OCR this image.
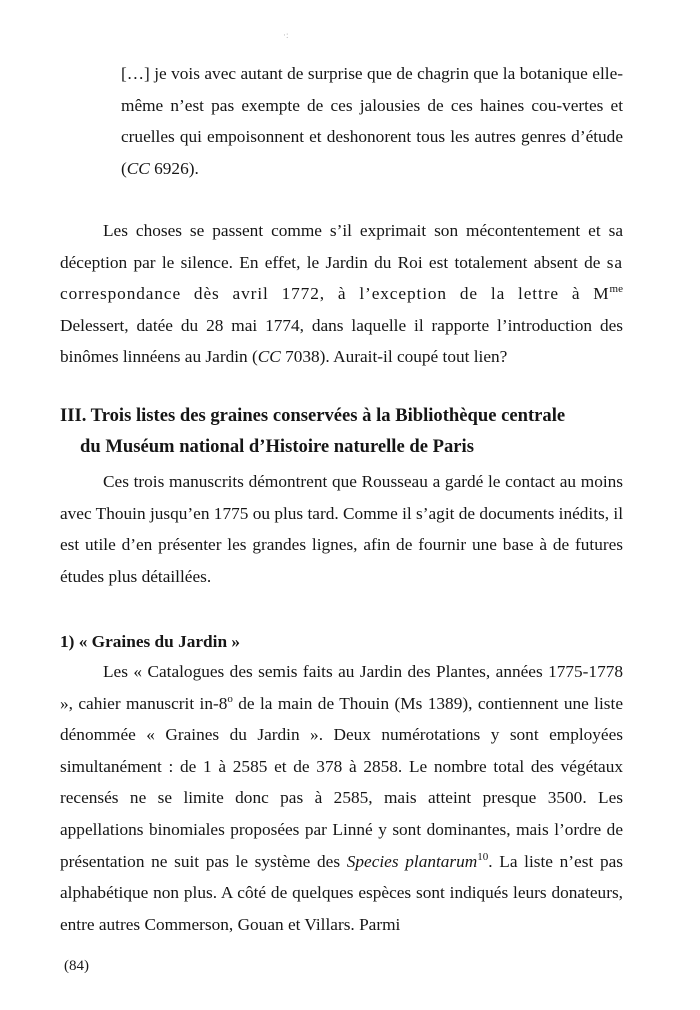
·:

[…] je vois avec autant de surprise que de chagrin que la botanique elle-même n’est pas exempte de ces jalousies de ces haines cou-vertes et cruelles qui empoisonnent et deshonorent tous les autres genres d’étude (CC 6926).

Les choses se passent comme s’il exprimait son mécontentement et sa déception par le silence. En effet, le Jardin du Roi est totalement absent de sa correspondance dès avril 1772, à l’exception de la lettre à $M^{me}$ Delessert, datée du 28 mai 1774, dans laquelle il rapporte l’introduction des binômes linnéens au Jardin (CC 7038). Aurait-il coupé tout lien?

III. Trois listes des graines conservées à la Bibliothèque centrale
du Muséum national d’Histoire naturelle de Paris

Ces trois manuscrits démontrent que Rousseau a gardé le contact au moins avec Thouin jusqu’en 1775 ou plus tard. Comme il s’agit de documents inédits, il est utile d’en présenter les grandes lignes, afin de fournir une base à de futures études plus détaillées.

1) « Graines du Jardin »

Les « Catalogues des semis faits au Jardin des Plantes, années 1775-1778 », cahier manuscrit in-8$^o$ de la main de Thouin (Ms 1389), contiennent une liste dénommée « Graines du Jardin ». Deux numérotations y sont employées simultanément : de 1 à 2585 et de 378 à 2858. Le nombre total des végétaux recensés ne se limite donc pas à 2585, mais atteint presque 3500. Les appellations binomiales proposées par Linné y sont dominantes, mais l’ordre de présentation ne suit pas le système des Species plantarum$^{10}$. La liste n’est pas alphabétique non plus. A côté de quelques espèces sont indiqués leurs donateurs, entre autres Commerson, Gouan et Villars. Parmi

(84)
